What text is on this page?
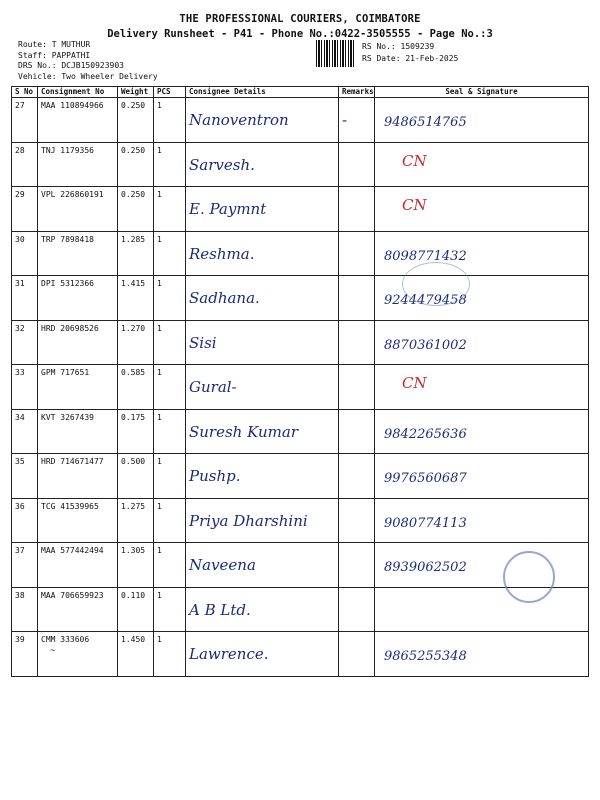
THE PROFESSIONAL COURIERS, COIMBATORE
Delivery Runsheet - P41 - Phone No.:0422-3505555 - Page No.:3
Route: T MUTHUR
Staff: PAPPATHI
DRS No.: DCJB150923903
Vehicle: Two Wheeler Delivery
RS No.: 1509239
RS Date: 21-Feb-2025
S No	Consignment No	Weight	PCS	Consignee Details	Remarks	Seal & Signature
27	MAA 110894966	0.250	1	Nanoventron	-	9486514765

28	TNJ 1179356	0.250	1	Sarvesh.		CN

29	VPL 226860191	0.250	1	E. Paymnt		CN

30	TRP 7898418	1.285	1	Reshma.		8098771432

31	DPI 5312366	1.415	1	Sadhana.		9244479458

32	HRD 20698526	1.270	1	Sisi		8870361002

33	GPM 717651	0.585	1	Gural-		CN

34	KVT 3267439	0.175	1	Suresh Kumar		9842265636

35	HRD 714671477	0.500	1	Pushp.		9976560687

36	TCG 41539965	1.275	1	Priya Dharshini		9080774113

37	MAA 577442494	1.305	1	Naveena		8939062502

38	MAA 706659923	0.110	1	A B Ltd.		

39	CMM 333606	1.450	1	Lawrence.		9865255348
~
